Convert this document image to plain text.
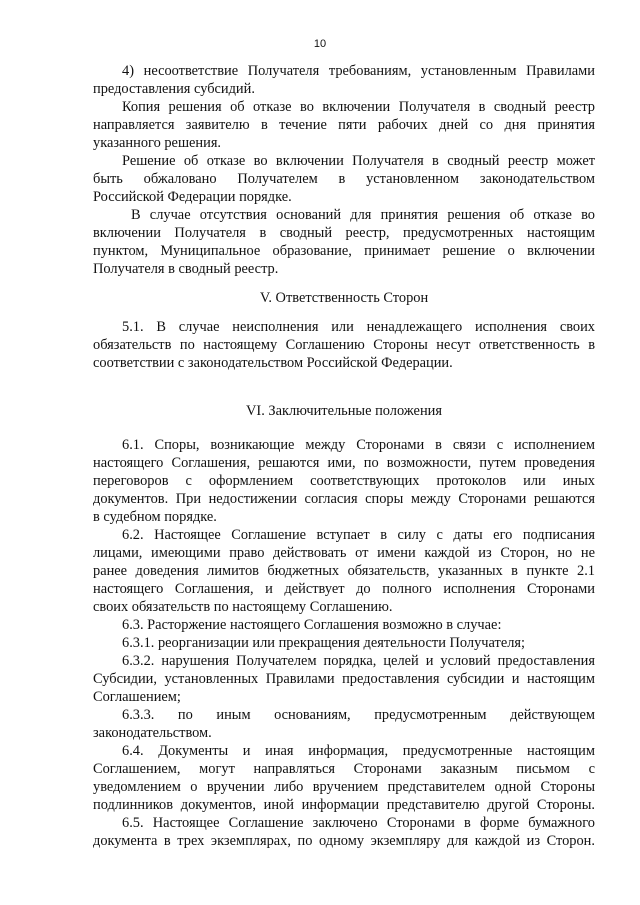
10
4) несоответствие Получателя требованиям, установленным Правилами
предоставления субсидий.
Копия решения об отказе во включении Получателя в сводный реестр
направляется заявителю в течение пяти рабочих дней со дня принятия
указанного решения.
Решение об отказе во включении Получателя в сводный реестр может
быть обжаловано Получателем в установленном законодательством
Российской Федерации порядке.
В случае отсутствия оснований для принятия решения об отказе во
включении Получателя в сводный реестр, предусмотренных настоящим
пунктом, Муниципальное образование, принимает решение о включении
Получателя в сводный реестр.
V. Ответственность Сторон
5.1. В случае неисполнения или ненадлежащего исполнения своих
обязательств по настоящему Соглашению Стороны несут ответственность в
соответствии с законодательством Российской Федерации.
VI. Заключительные положения
6.1. Споры, возникающие между Сторонами в связи с исполнением
настоящего Соглашения, решаются ими, по возможности, путем проведения
переговоров с оформлением соответствующих протоколов или иных
документов. При недостижении согласия споры между Сторонами решаются
в судебном порядке.
6.2. Настоящее Соглашение вступает в силу с даты его подписания
лицами, имеющими право действовать от имени каждой из Сторон, но не
ранее доведения лимитов бюджетных обязательств, указанных в пункте 2.1
настоящего Соглашения, и действует до полного исполнения Сторонами
своих обязательств по настоящему Соглашению.
6.3. Расторжение настоящего Соглашения возможно в случае:
6.3.1. реорганизации или прекращения деятельности Получателя;
6.3.2. нарушения Получателем порядка, целей и условий предоставления
Субсидии, установленных Правилами предоставления субсидии и настоящим
Соглашением;
6.3.3. по иным основаниям, предусмотренным действующем
законодательством.
6.4. Документы и иная информация, предусмотренные настоящим
Соглашением, могут направляться Сторонами заказным письмом с
уведомлением о вручении либо вручением представителем одной Стороны
подлинников документов, иной информации представителю другой Стороны.
6.5. Настоящее Соглашение заключено Сторонами в форме бумажного
документа в трех экземплярах, по одному экземпляру для каждой из Сторон.
